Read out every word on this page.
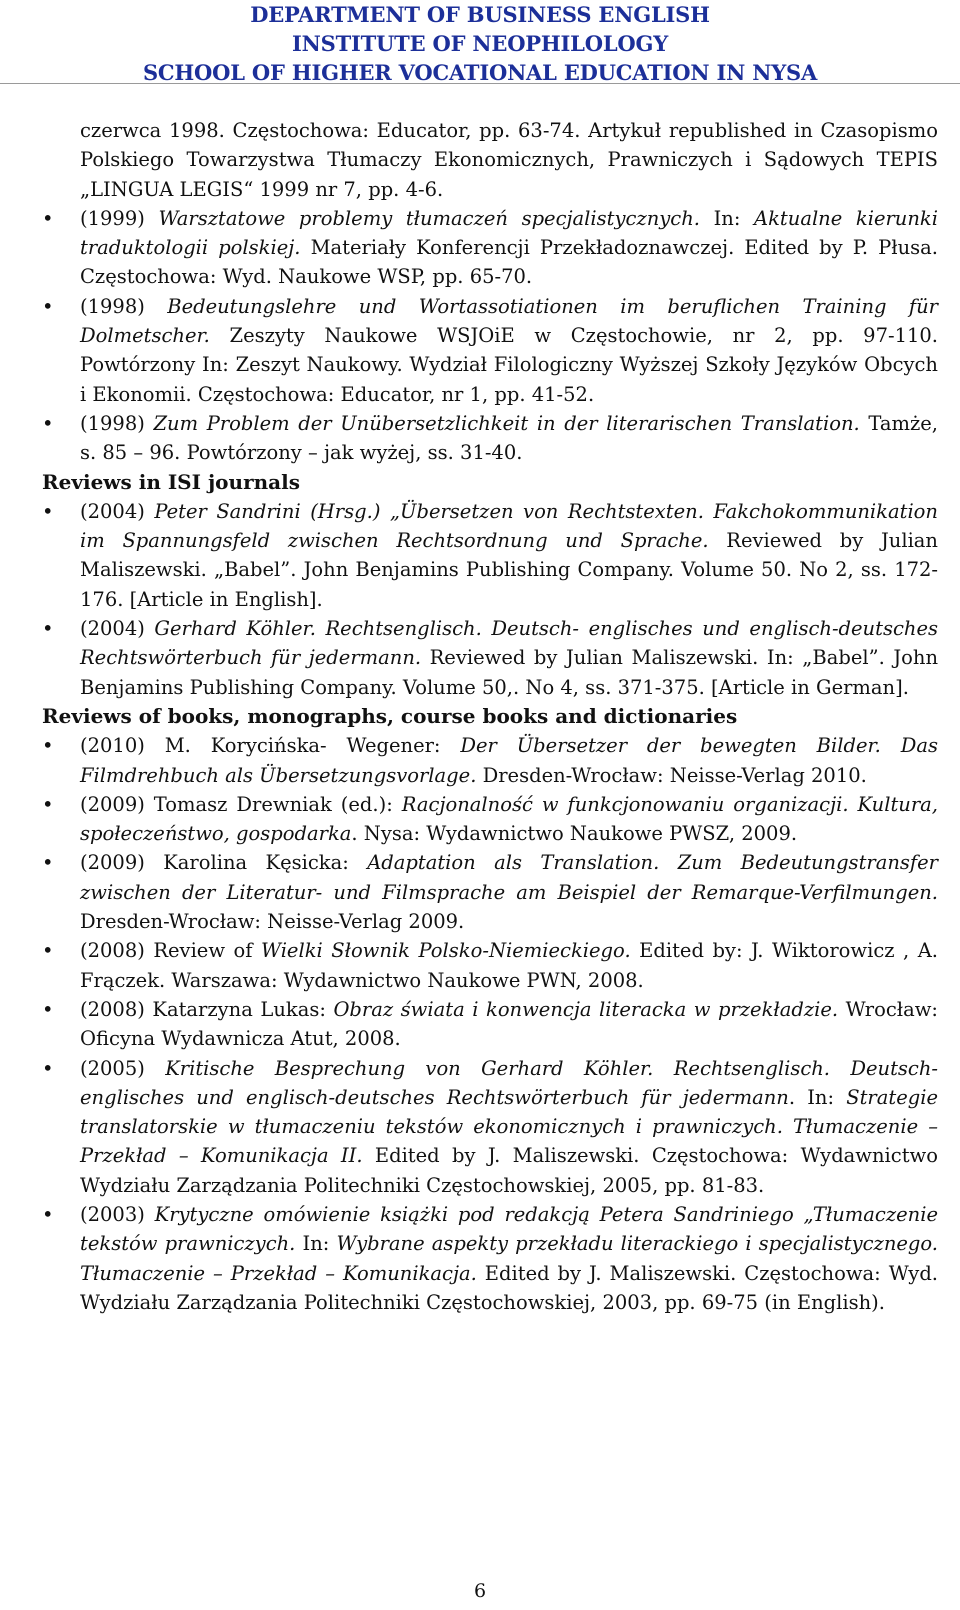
DEPARTMENT OF BUSINESS ENGLISH
INSTITUTE OF NEOPHILOLOGY
SCHOOL OF HIGHER VOCATIONAL EDUCATION IN NYSA
czerwca 1998. Częstochowa: Educator, pp. 63-74. Artykuł republished in Czasopismo Polskiego Towarzystwa Tłumaczy Ekonomicznych, Prawniczych i Sądowych TEPIS „LINGUA LEGIS“ 1999 nr 7, pp. 4-6.
• (1999) Warsztatowe problemy tłumaczeń specjalistycznych. In: Aktualne kierunki traduktologii polskiej. Materiały Konferencji Przekładoznawczej. Edited by P. Płusa. Częstochowa: Wyd. Naukowe WSP, pp. 65-70.
• (1998) Bedeutungslehre und Wortassotiationen im beruflichen Training für Dolmetscher. Zeszyty Naukowe WSJOiE w Częstochowie, nr 2, pp. 97-110. Powtórzony In: Zeszyt Naukowy. Wydział Filologiczny Wyższej Szkoły Języków Obcych i Ekonomii. Częstochowa: Educator, nr 1, pp. 41-52.
• (1998) Zum Problem der Unübersetzlichkeit in der literarischen Translation. Tamże, s. 85 – 96. Powtórzony – jak wyżej, ss. 31-40.
Reviews in ISI journals
• (2004) Peter Sandrini (Hrsg.) „Übersetzen von Rechtstexten. Fakchokommunikation im Spannungsfeld zwischen Rechtsordnung und Sprache. Reviewed by Julian Maliszewski. „Babel”. John Benjamins Publishing Company. Volume 50. No 2, ss. 172-176. [Article in English].
• (2004) Gerhard Köhler. Rechtsenglisch. Deutsch- englisches und englisch-deutsches Rechtswörterbuch für jedermann. Reviewed by Julian Maliszewski. In: „Babel”. John Benjamins Publishing Company. Volume 50,. No 4, ss. 371-375. [Article in German].
Reviews of books, monographs, course books and dictionaries
• (2010) M. Korycińska- Wegener: Der Übersetzer der bewegten Bilder. Das Filmdrehbuch als Übersetzungsvorlage. Dresden-Wrocław: Neisse-Verlag 2010.
• (2009) Tomasz Drewniak (ed.): Racjonalność w funkcjonowaniu organizacji. Kultura, społeczeństwo, gospodarka. Nysa: Wydawnictwo Naukowe PWSZ, 2009.
• (2009) Karolina Kęsicka: Adaptation als Translation. Zum Bedeutungstransfer zwischen der Literatur- und Filmsprache am Beispiel der Remarque-Verfilmungen. Dresden-Wrocław: Neisse-Verlag 2009.
• (2008) Review of Wielki Słownik Polsko-Niemieckiego. Edited by: J. Wiktorowicz , A. Frączek. Warszawa: Wydawnictwo Naukowe PWN, 2008.
• (2008) Katarzyna Lukas: Obraz świata i konwencja literacka w przekładzie. Wrocław: Oficyna Wydawnicza Atut, 2008.
• (2005) Kritische Besprechung von Gerhard Köhler. Rechtsenglisch. Deutsch-englisches und englisch-deutsches Rechtswörterbuch für jedermann. In: Strategie translatorskie w tłumaczeniu tekstów ekonomicznych i prawniczych. Tłumaczenie – Przekład – Komunikacja II. Edited by J. Maliszewski. Częstochowa: Wydawnictwo Wydziału Zarządzania Politechniki Częstochowskiej, 2005, pp. 81-83.
• (2003) Krytyczne omówienie książki pod redakcją Petera Sandriniego „Tłumaczenie tekstów prawniczych. In: Wybrane aspekty przekładu literackiego i specjalistycznego. Tłumaczenie – Przekład – Komunikacja. Edited by J. Maliszewski. Częstochowa: Wyd. Wydziału Zarządzania Politechniki Częstochowskiej, 2003, pp. 69-75 (in English).
6
